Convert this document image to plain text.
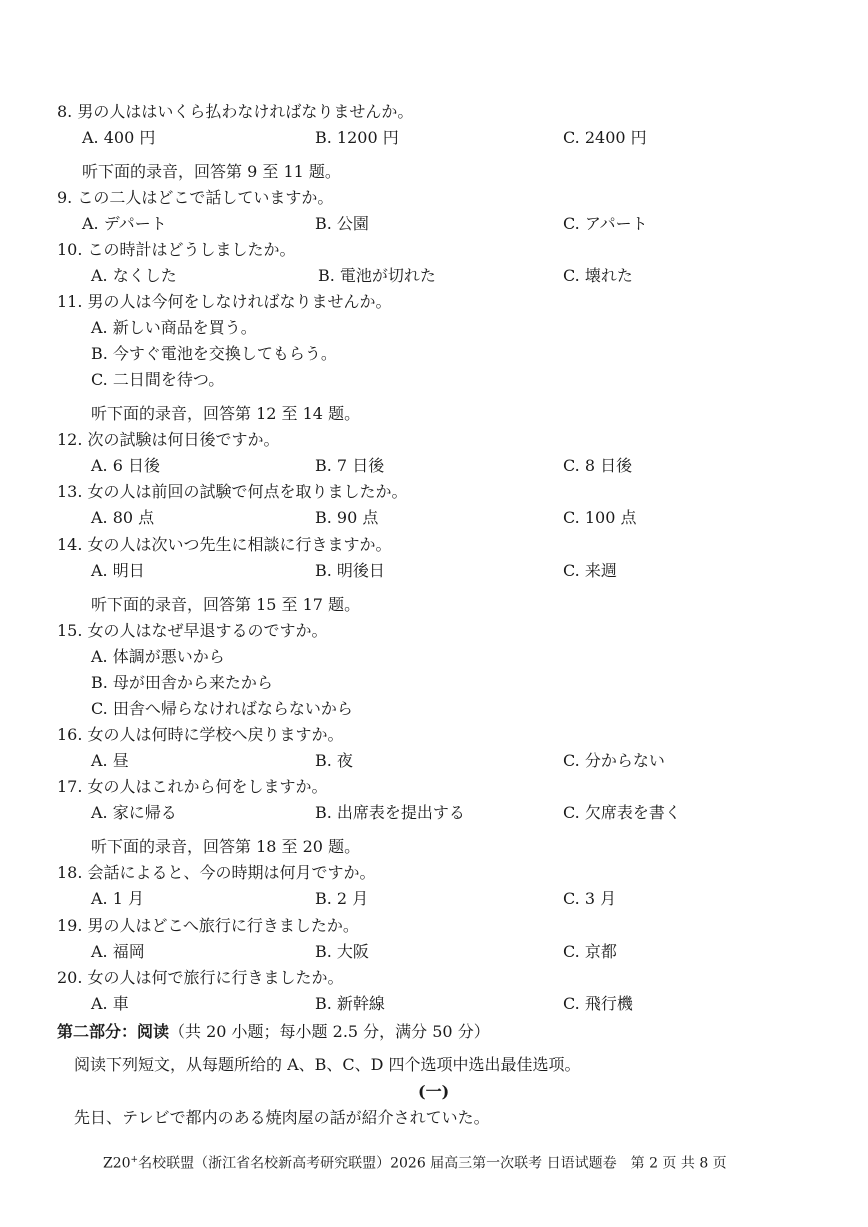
8. 男の人ははいくら払わなければなりませんか。
A. 400 円	B. 1200 円	C. 2400 円
听下面的录音，回答第 9 至 11 题。
9. この二人はどこで話していますか。
A. デパート	B. 公園	C. アパート
10. この時計はどうしましたか。
A. なくした	B. 電池が切れた	C. 壊れた
11. 男の人は今何をしなければなりませんか。
A. 新しい商品を買う。
B. 今すぐ電池を交換してもらう。
C. 二日間を待つ。
听下面的录音，回答第 12 至 14 题。
12. 次の試験は何日後ですか。
A. 6 日後	B. 7 日後	C. 8 日後
13. 女の人は前回の試験で何点を取りましたか。
A. 80 点	B. 90 点	C. 100 点
14. 女の人は次いつ先生に相談に行きますか。
A. 明日	B. 明後日	C. 来週
听下面的录音，回答第 15 至 17 题。
15. 女の人はなぜ早退するのですか。
A. 体調が悪いから
B. 母が田舎から来たから
C. 田舎へ帰らなければならないから
16. 女の人は何時に学校へ戻りますか。
A. 昼	B. 夜	C. 分からない
17. 女の人はこれから何をしますか。
A. 家に帰る	B. 出席表を提出する	C. 欠席表を書く
听下面的录音，回答第 18 至 20 题。
18. 会話によると、今の時期は何月ですか。
A. 1 月	B. 2 月	C. 3 月
19. 男の人はどこへ旅行に行きましたか。
A. 福岡	B. 大阪	C. 京都
20. 女の人は何で旅行に行きましたか。
A. 車	B. 新幹線	C. 飛行機
第二部分：阅读（共 20 小题；每小题 2.5 分，满分 50 分）
阅读下列短文，从每题所给的 A、B、C、D 四个选项中选出最佳选项。
(一)
先日、テレビで都内のある焼肉屋の話が紹介されていた。
Z20+名校联盟（浙江省名校新高考研究联盟）2026 届高三第一次联考 日语试题卷　第 2 页 共 8 页
